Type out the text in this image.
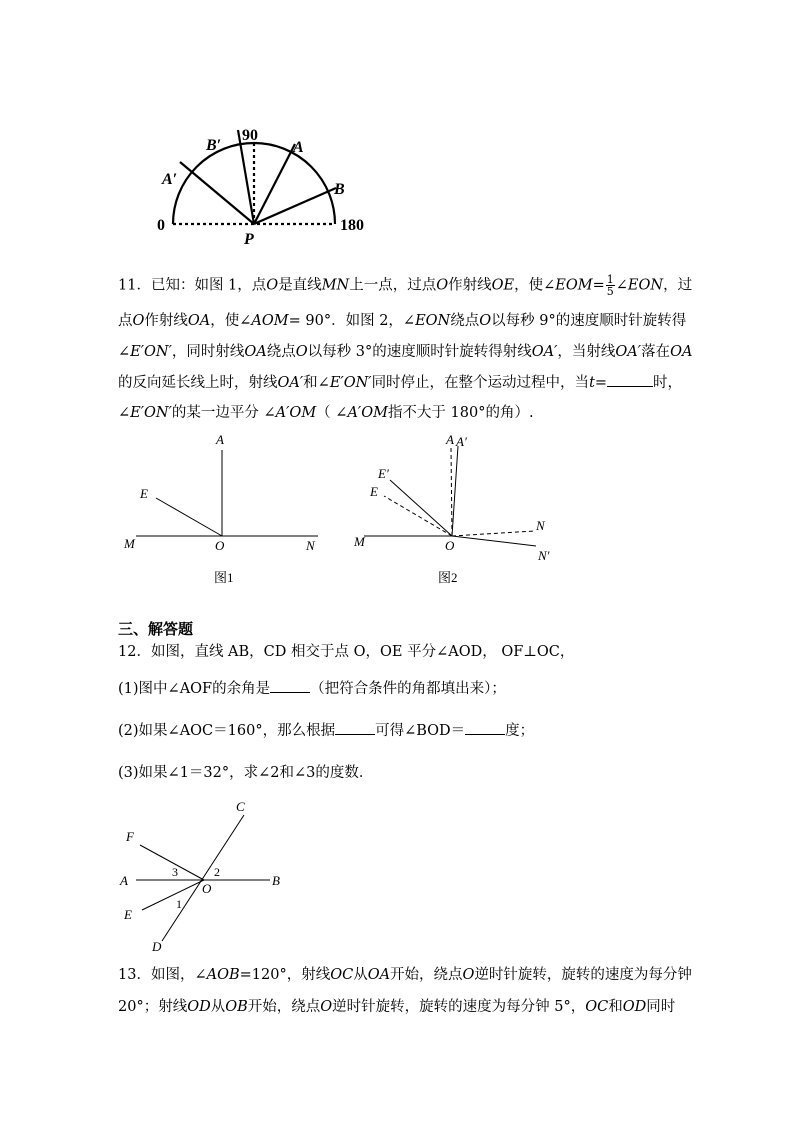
B′
90
A
A′
B
0
P
180
11．已知：如图 1，点O是直线MN上一点，过点O作射线OE，使∠EOM= $\frac{1}{5}$ ∠EON，过
点O作射线OA，使∠AOM= 90°．如图 2，∠EON绕点O以每秒 9°的速度顺时针旋转得
∠E′ON′，同时射线OA绕点O以每秒 3°的速度顺时针旋转得射线OA′，当射线OA′落在OA
的反向延长线上时，射线OA′和∠E′ON′同时停止，在整个运动过程中，当t=	时，
∠E′ON′的某一边平分 ∠A′OM（ ∠A′OM指不大于 180°的角）.
A
E
M	O	N
图1
A A′
E′
E
N
M	O
N′
图2
三、解答题
12．如图，直线 AB，CD 相交于点 O，OE 平分∠AOD， OF⊥OC，
(1)图中∠AOF的余角是	（把符合条件的角都填出来）；
(2)如果∠AOC＝160°，那么根据	可得∠BOD＝	度；
(3)如果∠1＝32°，求∠2和∠3的度数．
C
F
3	2
A
O
B
E
1
D
13．如图，∠AOB=120°，射线OC从OA开始，绕点O逆时针旋转，旋转的速度为每分钟
20°；射线OD从OB开始，绕点O逆时针旋转，旋转的速度为每分钟 5°，OC和OD同时
